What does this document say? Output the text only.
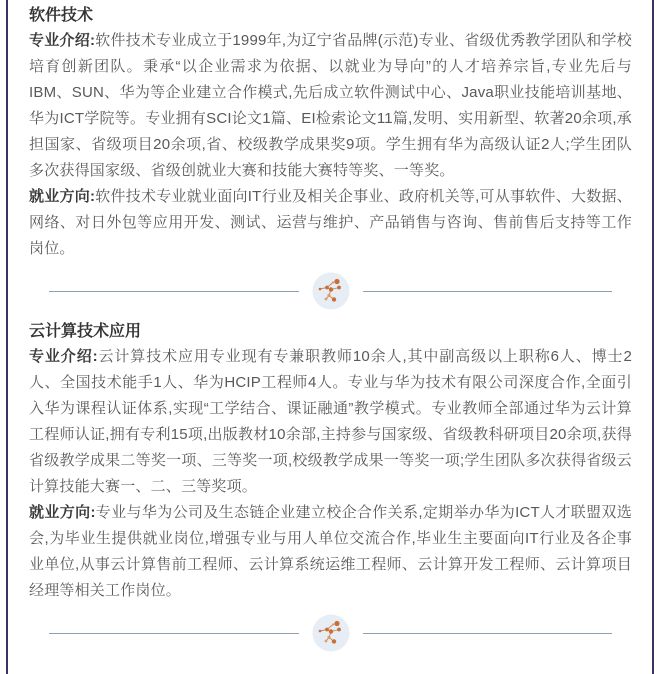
软件技术

专业介绍:软件技术专业成立于1999年,为辽宁省品牌(示范)专业、省级优秀教学团队和学校培育创新团队。秉承“以企业需求为依据、以就业为导向”的人才培养宗旨,专业先后与IBM、SUN、华为等企业建立合作模式,先后成立软件测试中心、Java职业技能培训基地、华为ICT学院等。专业拥有SCI论文1篇、EI检索论文11篇,发明、实用新型、软著20余项,承担国家、省级项目20余项,省、校级教学成果奖9项。学生拥有华为高级认证2人;学生团队多次获得国家级、省级创就业大赛和技能大赛特等奖、一等奖。

就业方向:软件技术专业就业面向IT行业及相关企事业、政府机关等,可从事软件、大数据、网络、对日外包等应用开发、测试、运营与维护、产品销售与咨询、售前售后支持等工作岗位。

云计算技术应用

专业介绍:云计算技术应用专业现有专兼职教师10余人,其中副高级以上职称6人、博士2人、全国技术能手1人、华为HCIP工程师4人。专业与华为技术有限公司深度合作,全面引入华为课程认证体系,实现“工学结合、课证融通”教学模式。专业教师全部通过华为云计算工程师认证,拥有专利15项,出版教材10余部,主持参与国家级、省级教科研项目20余项,获得省级教学成果二等奖一项、三等奖一项,校级教学成果一等奖一项;学生团队多次获得省级云计算技能大赛一、二、三等奖项。

就业方向:专业与华为公司及生态链企业建立校企合作关系,定期举办华为ICT人才联盟双选会,为毕业生提供就业岗位,增强专业与用人单位交流合作,毕业生主要面向IT行业及各企事业单位,从事云计算售前工程师、云计算系统运维工程师、云计算开发工程师、云计算项目经理等相关工作岗位。
